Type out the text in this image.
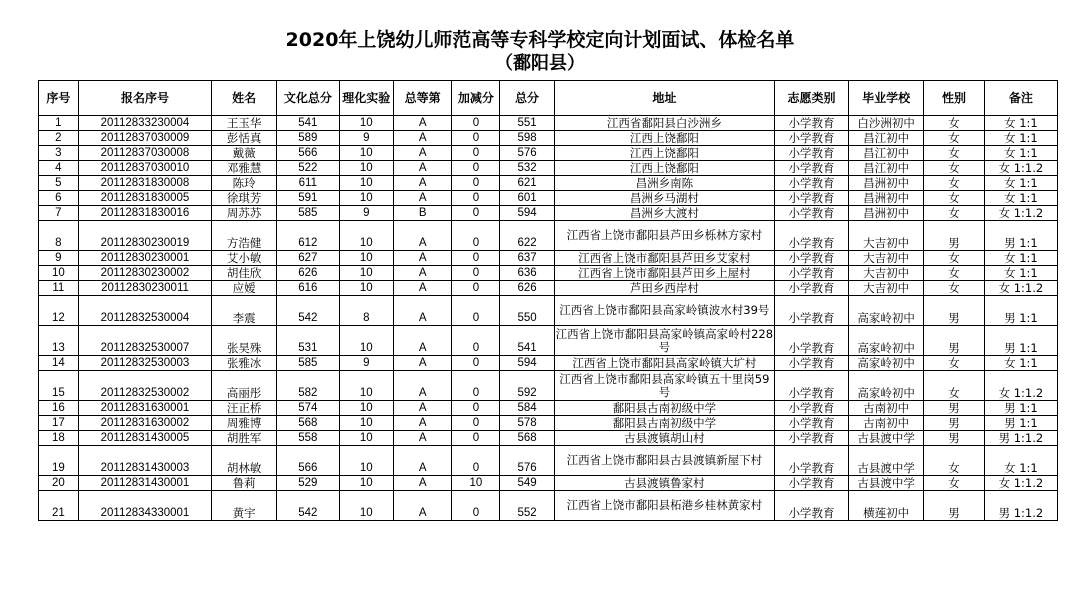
2020年上饶幼儿师范高等专科学校定向计划面试、体检名单
（鄱阳县）
序号	报名序号	姓名	文化总分	理化实验	总等第	加减分	总分	地址	志愿类别	毕业学校	性别	备注
1	20112833230004	王玉华	541	10	A	0	551	江西省鄱阳县白沙洲乡	小学教育	白沙洲初中	女	女 1:1
2	20112837030009	彭恬真	589	9	A	0	598	江西上饶鄱阳	小学教育	昌江初中	女	女 1:1
3	20112837030008	戴薇	566	10	A	0	576	江西上饶鄱阳	小学教育	昌江初中	女	女 1:1
4	20112837030010	邓雅慧	522	10	A	0	532	江西上饶鄱阳	小学教育	昌江初中	女	女 1:1.2
5	20112831830008	陈玲	611	10	A	0	621	昌洲乡南陈	小学教育	昌洲初中	女	女 1:1
6	20112831830005	徐琪芳	591	10	A	0	601	昌洲乡马湖村	小学教育	昌洲初中	女	女 1:1
7	20112831830016	周苏苏	585	9	B	0	594	昌洲乡大渡村	小学教育	昌洲初中	女	女 1:1.2
8	20112830230019	方浩健	612	10	A	0	622	江西省上饶市鄱阳县芦田乡栎林方家村	小学教育	大吉初中	男	男 1:1
9	20112830230001	艾小敏	627	10	A	0	637	江西省上饶市鄱阳县芦田乡艾家村	小学教育	大吉初中	女	女 1:1
10	20112830230002	胡佳欣	626	10	A	0	636	江西省上饶市鄱阳县芦田乡上屋村	小学教育	大吉初中	女	女 1:1
11	20112830230011	应嫒	616	10	A	0	626	芦田乡西岸村	小学教育	大吉初中	女	女 1:1.2
12	20112832530004	李震	542	8	A	0	550	江西省上饶市鄱阳县高家岭镇波水村39号	小学教育	高家岭初中	男	男 1:1
13	20112832530007	张昊殊	531	10	A	0	541	江西省上饶市鄱阳县高家岭镇高家岭村228号	小学教育	高家岭初中	男	男 1:1
14	20112832530003	张雅冰	585	9	A	0	594	江西省上饶市鄱阳县高家岭镇大圹村	小学教育	高家岭初中	女	女 1:1
15	20112832530002	高丽彤	582	10	A	0	592	江西省上饶市鄱阳县高家岭镇五十里岗59号	小学教育	高家岭初中	女	女 1:1.2
16	20112831630001	汪正桥	574	10	A	0	584	鄱阳县古南初级中学	小学教育	古南初中	男	男 1:1
17	20112831630002	周雅博	568	10	A	0	578	鄱阳县古南初级中学	小学教育	古南初中	男	男 1:1
18	20112831430005	胡胜军	558	10	A	0	568	古县渡镇胡山村	小学教育	古县渡中学	男	男 1:1.2
19	20112831430003	胡林敏	566	10	A	0	576	江西省上饶市鄱阳县古县渡镇新屋下村	小学教育	古县渡中学	女	女 1:1
20	20112831430001	鲁莉	529	10	A	10	549	古县渡镇鲁家村	小学教育	古县渡中学	女	女 1:1.2
21	20112834330001	黄宇	542	10	A	0	552	江西省上饶市鄱阳县柘港乡桂林黄家村	小学教育	横莲初中	男	男 1:1.2
